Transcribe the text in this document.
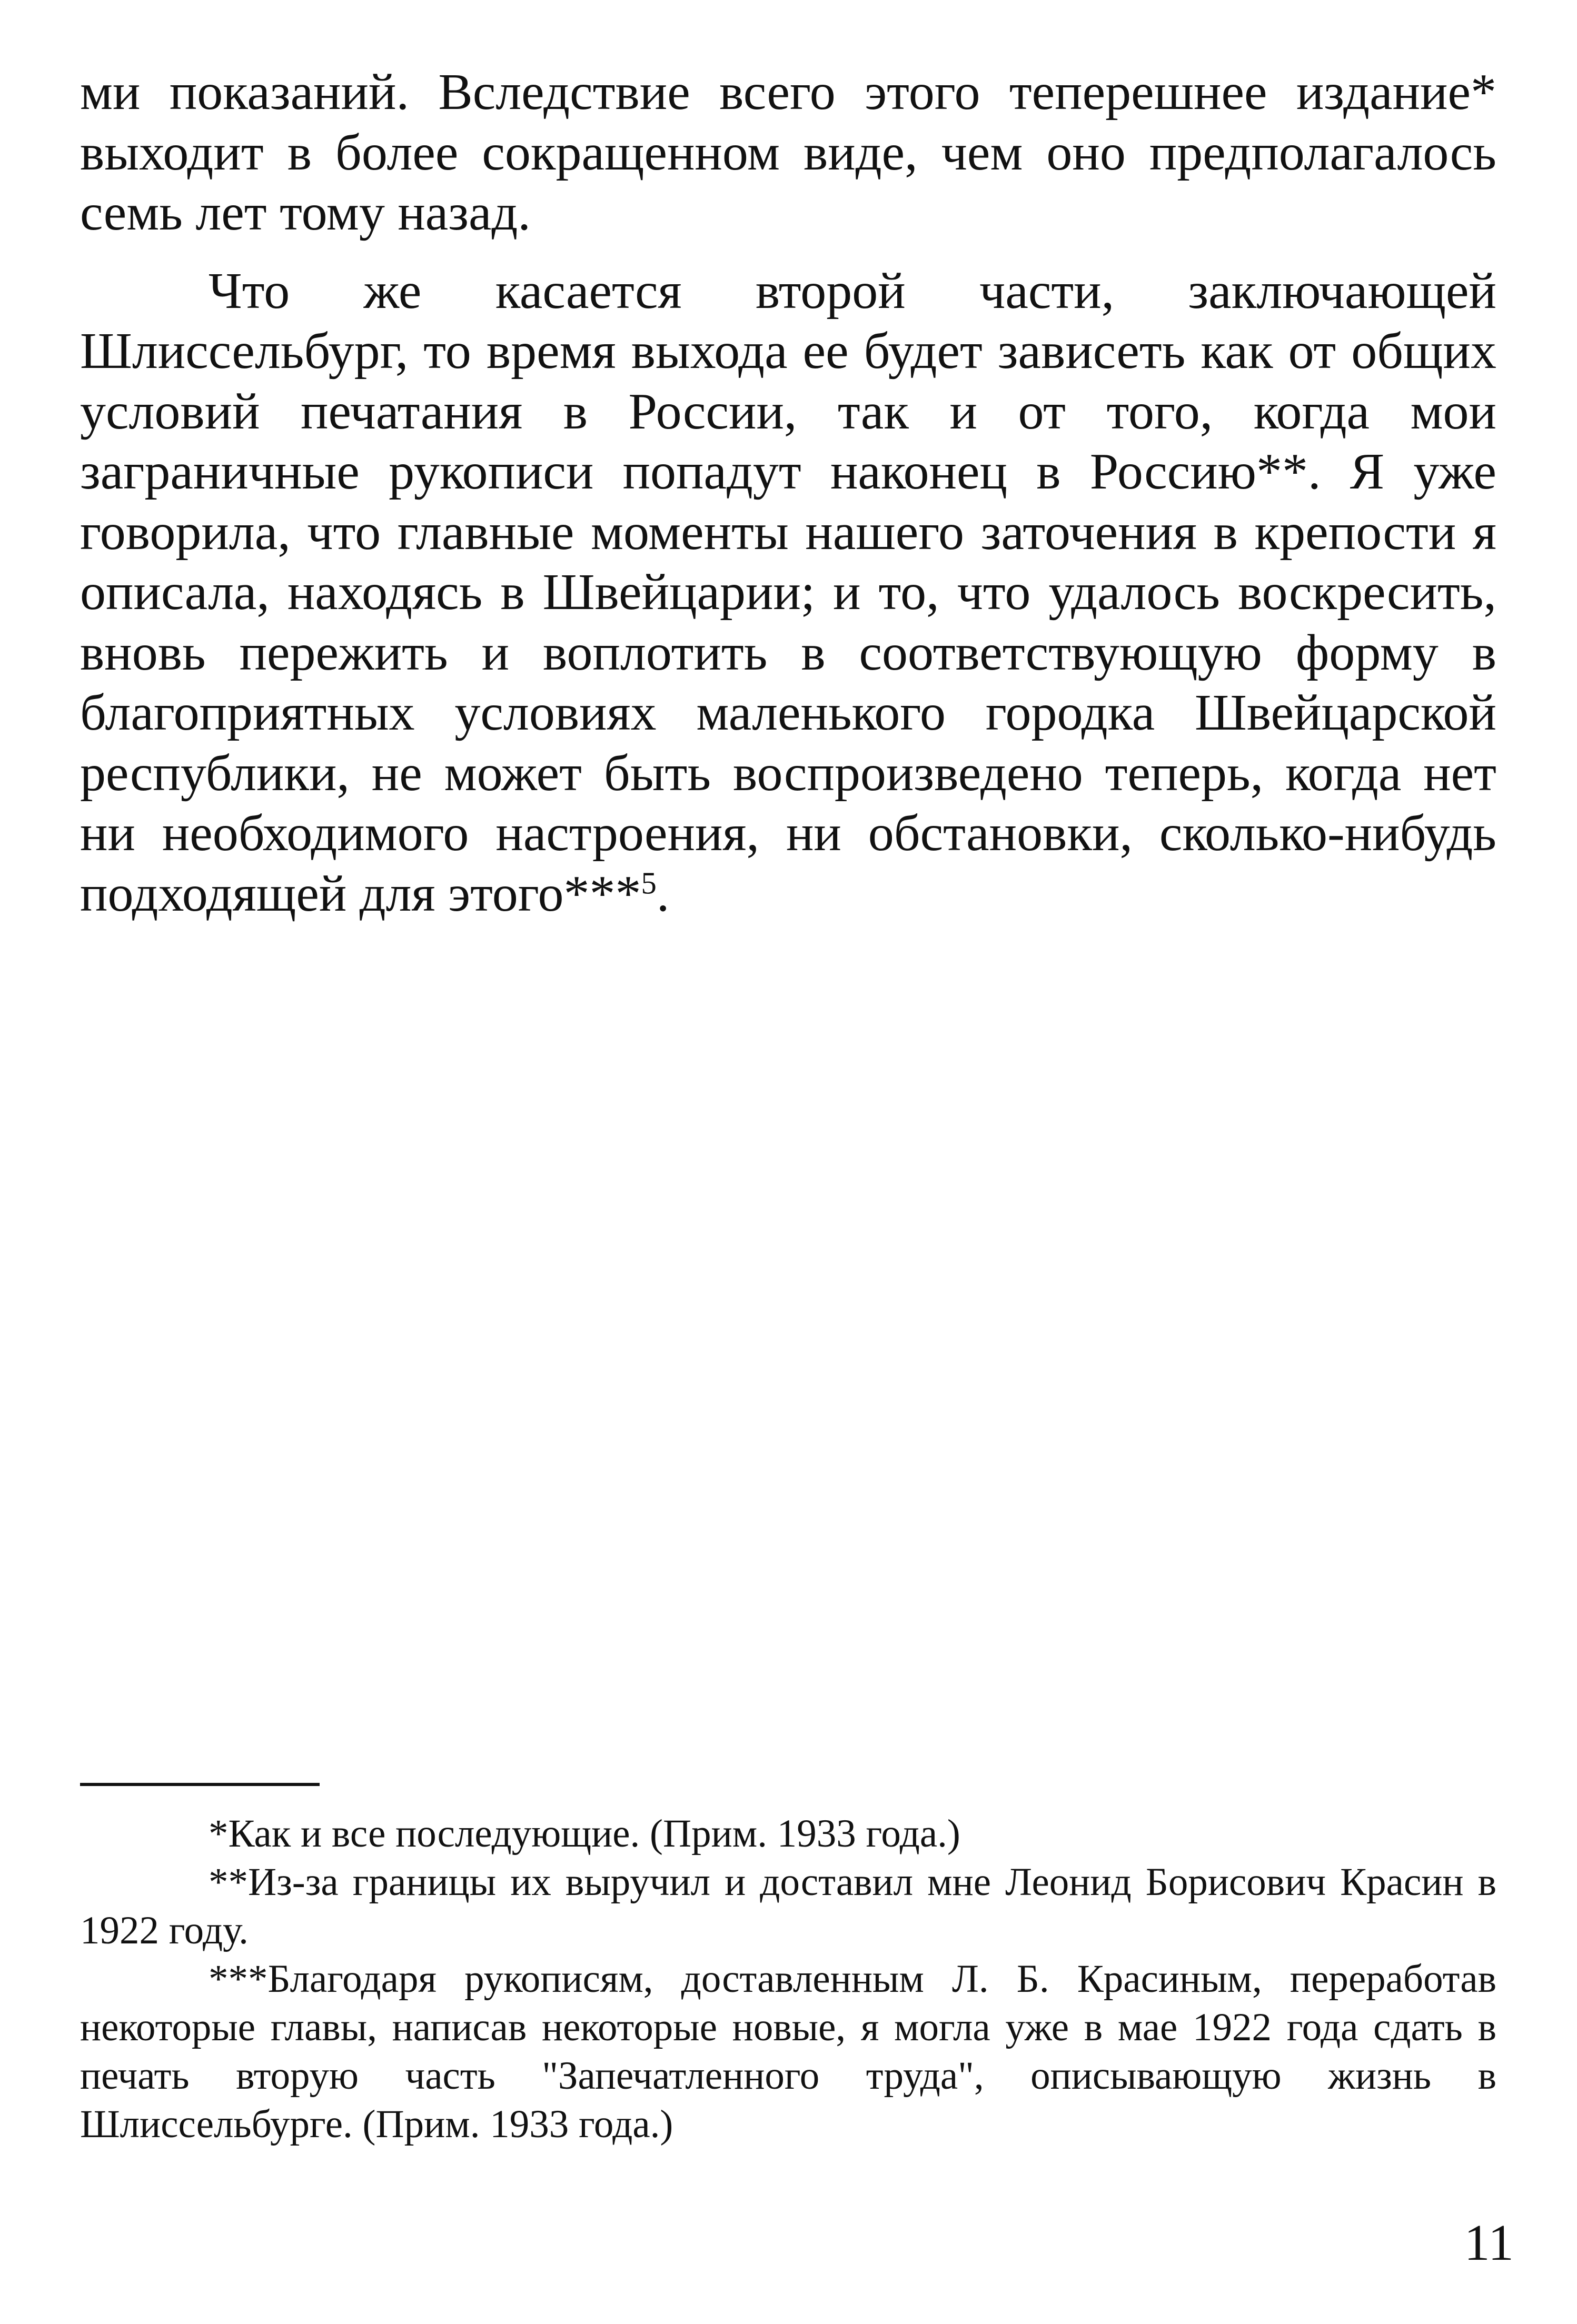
ми показаний. Вследствие всего этого теперешнее издание* выходит в более сокращенном виде, чем оно предполагалось семь лет тому назад.

Что же касается второй части, заключающей Шлиссельбург, то время выхода ее будет зависеть как от общих условий печатания в России, так и от того, когда мои заграничные рукописи попадут наконец в Россию**. Я уже говорила, что главные моменты нашего заточения в крепости я описала, находясь в Швейцарии; и то, что удалось воскресить, вновь пережить и воплотить в соответствующую форму в благоприятных условиях маленького городка Швейцарской республики, не может быть воспроизведено теперь, когда нет ни необходимого настроения, ни обстановки, сколько-нибудь подходящей для этого***$^5$.

*Как и все последующие. (Прим. 1933 года.)

**Из-за границы их выручил и доставил мне Леонид Борисович Красин в 1922 году.

***Благодаря рукописям, доставленным Л. Б. Красиным, переработав некоторые главы, написав некоторые новые, я могла уже в мае 1922 года сдать в печать вторую часть "Запечатленного труда", описывающую жизнь в Шлиссельбурге. (Прим. 1933 года.)

11
